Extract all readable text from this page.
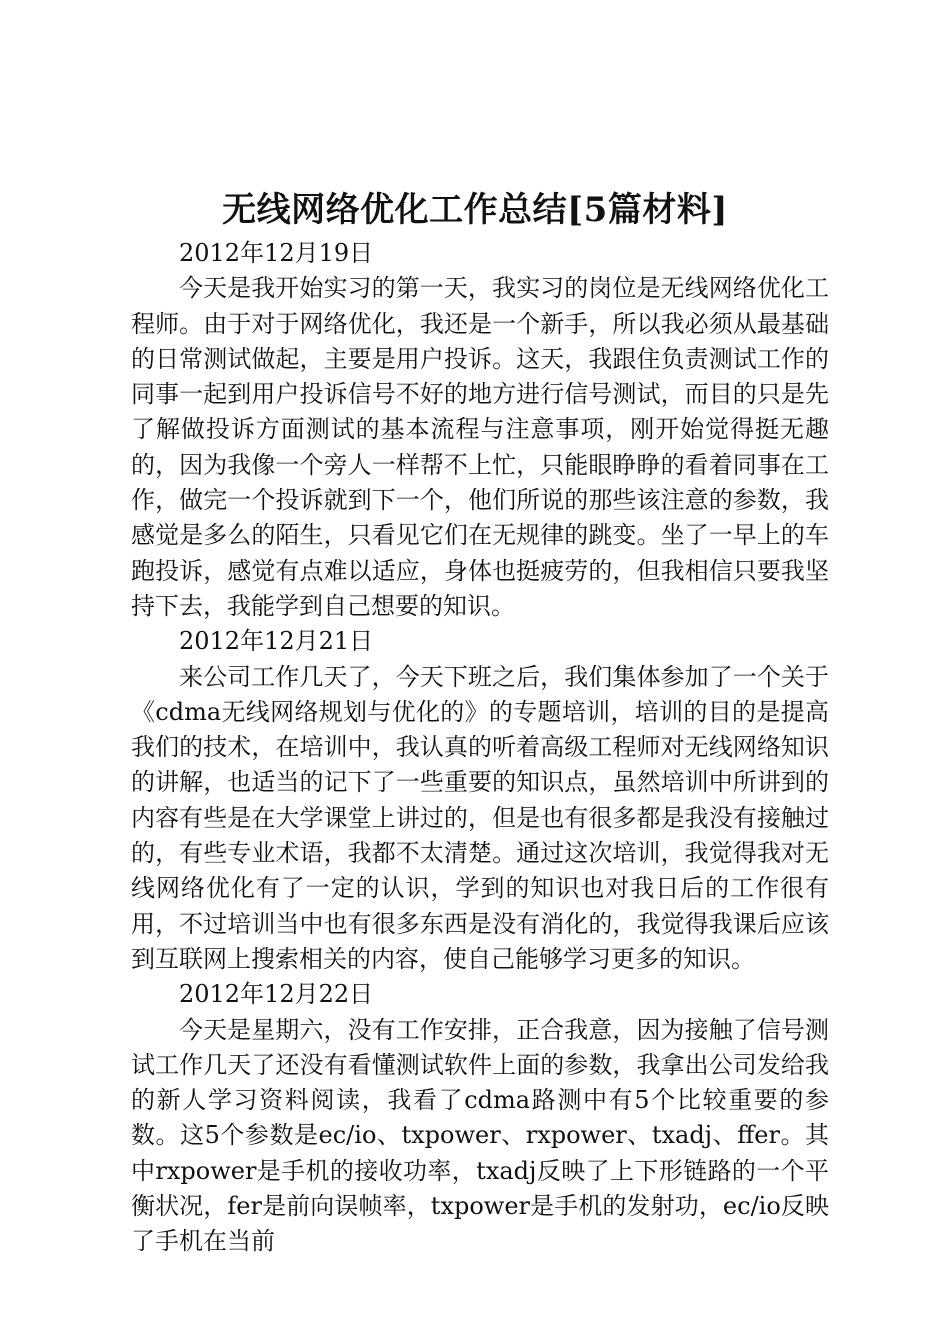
无线网络优化工作总结[5篇材料]

2012年12月19日

今天是我开始实习的第一天，我实习的岗位是无线网络优化工程师。由于对于网络优化，我还是一个新手，所以我必须从最基础的日常测试做起，主要是用户投诉。这天，我跟住负责测试工作的同事一起到用户投诉信号不好的地方进行信号测试，而目的只是先了解做投诉方面测试的基本流程与注意事项，刚开始觉得挺无趣的，因为我像一个旁人一样帮不上忙，只能眼睁睁的看着同事在工作，做完一个投诉就到下一个，他们所说的那些该注意的参数，我感觉是多么的陌生，只看见它们在无规律的跳变。坐了一早上的车跑投诉，感觉有点难以适应，身体也挺疲劳的，但我相信只要我坚持下去，我能学到自己想要的知识。

2012年12月21日

来公司工作几天了，今天下班之后，我们集体参加了一个关于《cdma无线网络规划与优化的》的专题培训，培训的目的是提高我们的技术，在培训中，我认真的听着高级工程师对无线网络知识的讲解，也适当的记下了一些重要的知识点，虽然培训中所讲到的内容有些是在大学课堂上讲过的，但是也有很多都是我没有接触过的，有些专业术语，我都不太清楚。通过这次培训，我觉得我对无线网络优化有了一定的认识，学到的知识也对我日后的工作很有用，不过培训当中也有很多东西是没有消化的，我觉得我课后应该到互联网上搜索相关的内容，使自己能够学习更多的知识。

2012年12月22日

今天是星期六，没有工作安排，正合我意，因为接触了信号测试工作几天了还没有看懂测试软件上面的参数，我拿出公司发给我的新人学习资料阅读，我看了cdma路测中有5个比较重要的参数。这5个参数是ec/io、txpower、rxpower、txadj、ffer。其中rxpower是手机的接收功率，txadj反映了上下形链路的一个平衡状况，fer是前向误帧率，txpower是手机的发射功，ec/io反映了手机在当前
